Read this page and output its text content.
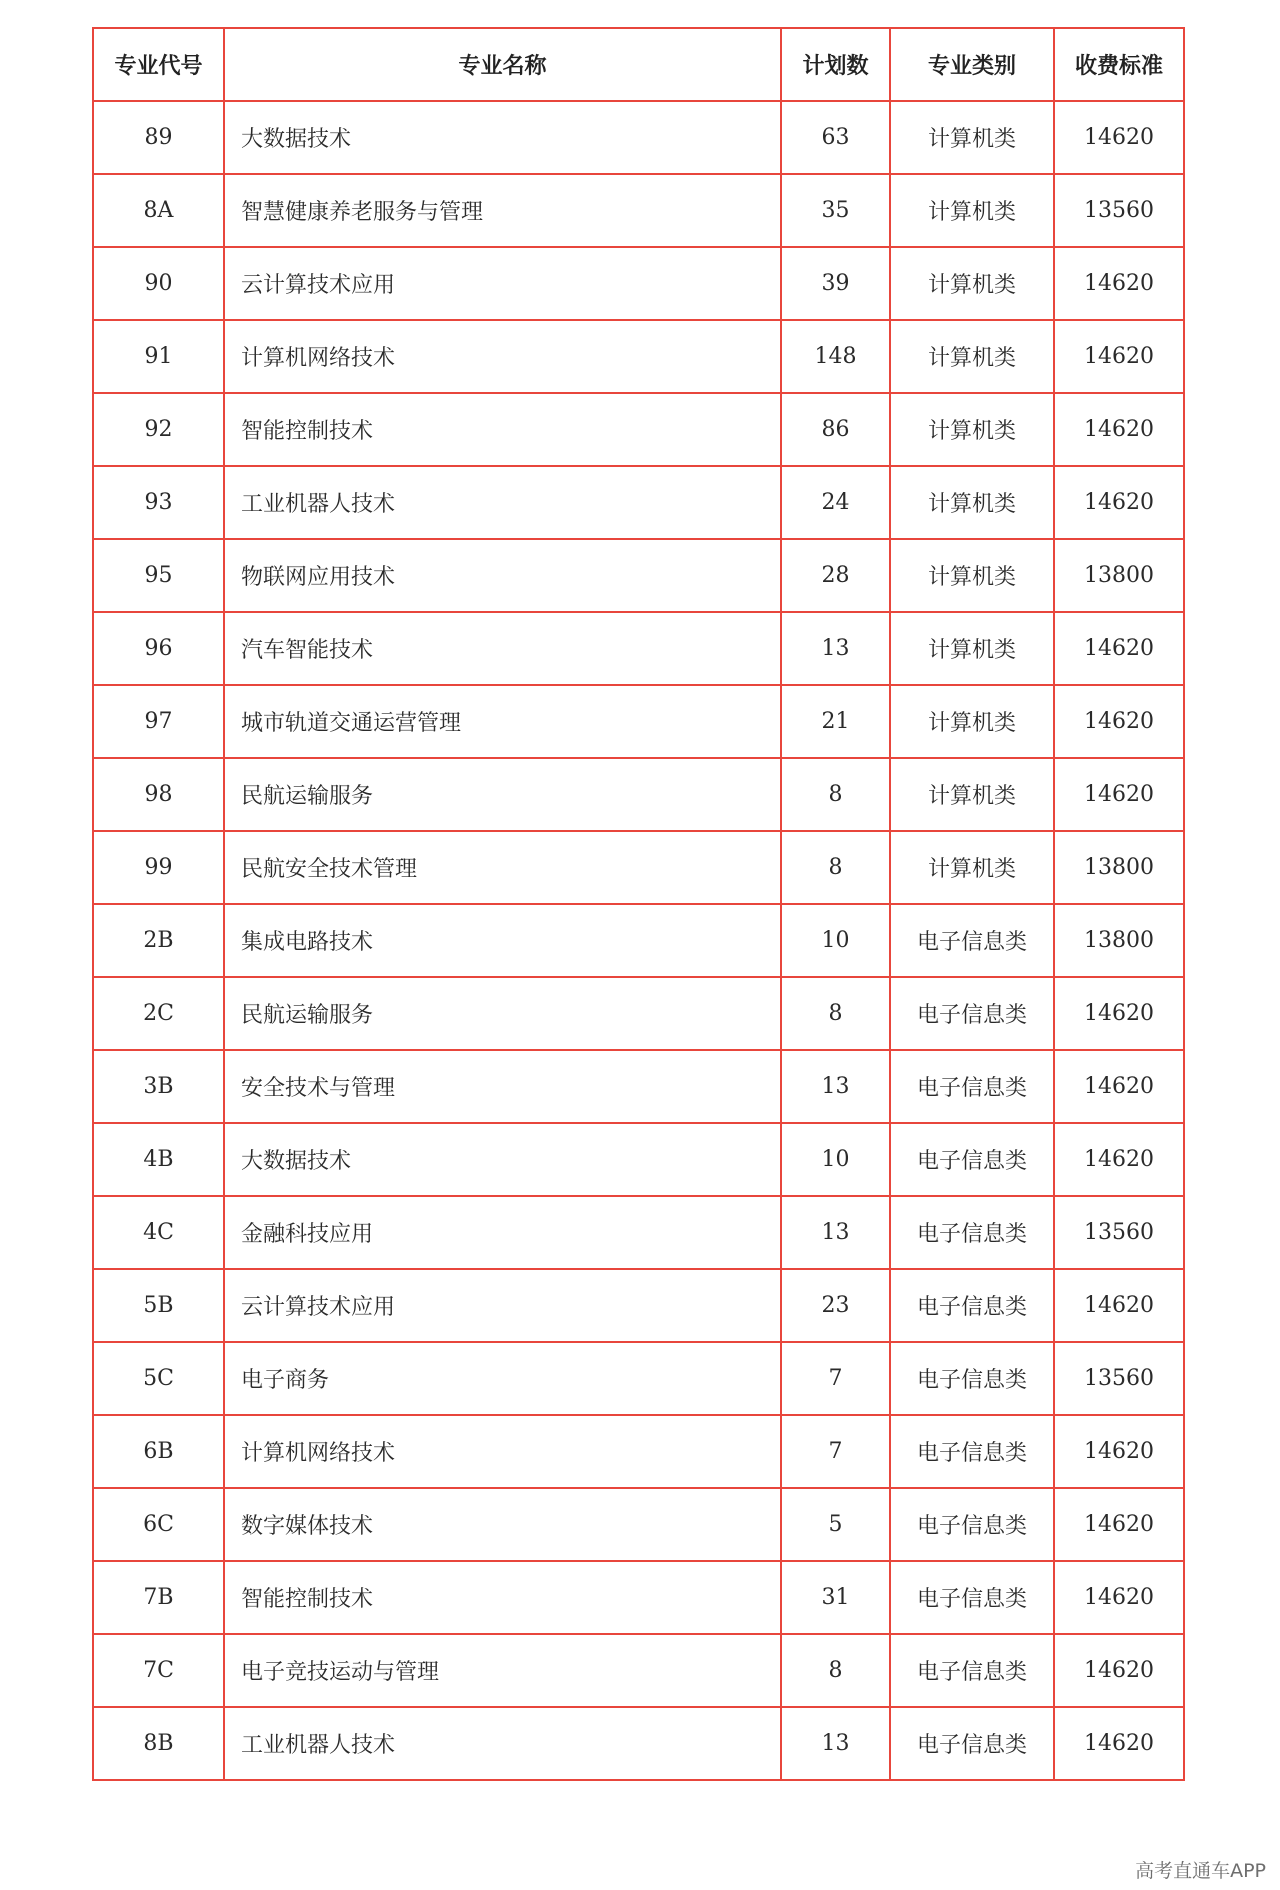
专业代号	专业名称	计划数	专业类别	收费标准
89	大数据技术	63	计算机类	14620
8A	智慧健康养老服务与管理	35	计算机类	13560
90	云计算技术应用	39	计算机类	14620
91	计算机网络技术	148	计算机类	14620
92	智能控制技术	86	计算机类	14620
93	工业机器人技术	24	计算机类	14620
95	物联网应用技术	28	计算机类	13800
96	汽车智能技术	13	计算机类	14620
97	城市轨道交通运营管理	21	计算机类	14620
98	民航运输服务	8	计算机类	14620
99	民航安全技术管理	8	计算机类	13800
2B	集成电路技术	10	电子信息类	13800
2C	民航运输服务	8	电子信息类	14620
3B	安全技术与管理	13	电子信息类	14620
4B	大数据技术	10	电子信息类	14620
4C	金融科技应用	13	电子信息类	13560
5B	云计算技术应用	23	电子信息类	14620
5C	电子商务	7	电子信息类	13560
6B	计算机网络技术	7	电子信息类	14620
6C	数字媒体技术	5	电子信息类	14620
7B	智能控制技术	31	电子信息类	14620
7C	电子竞技运动与管理	8	电子信息类	14620
8B	工业机器人技术	13	电子信息类	14620
高考直通车APP
